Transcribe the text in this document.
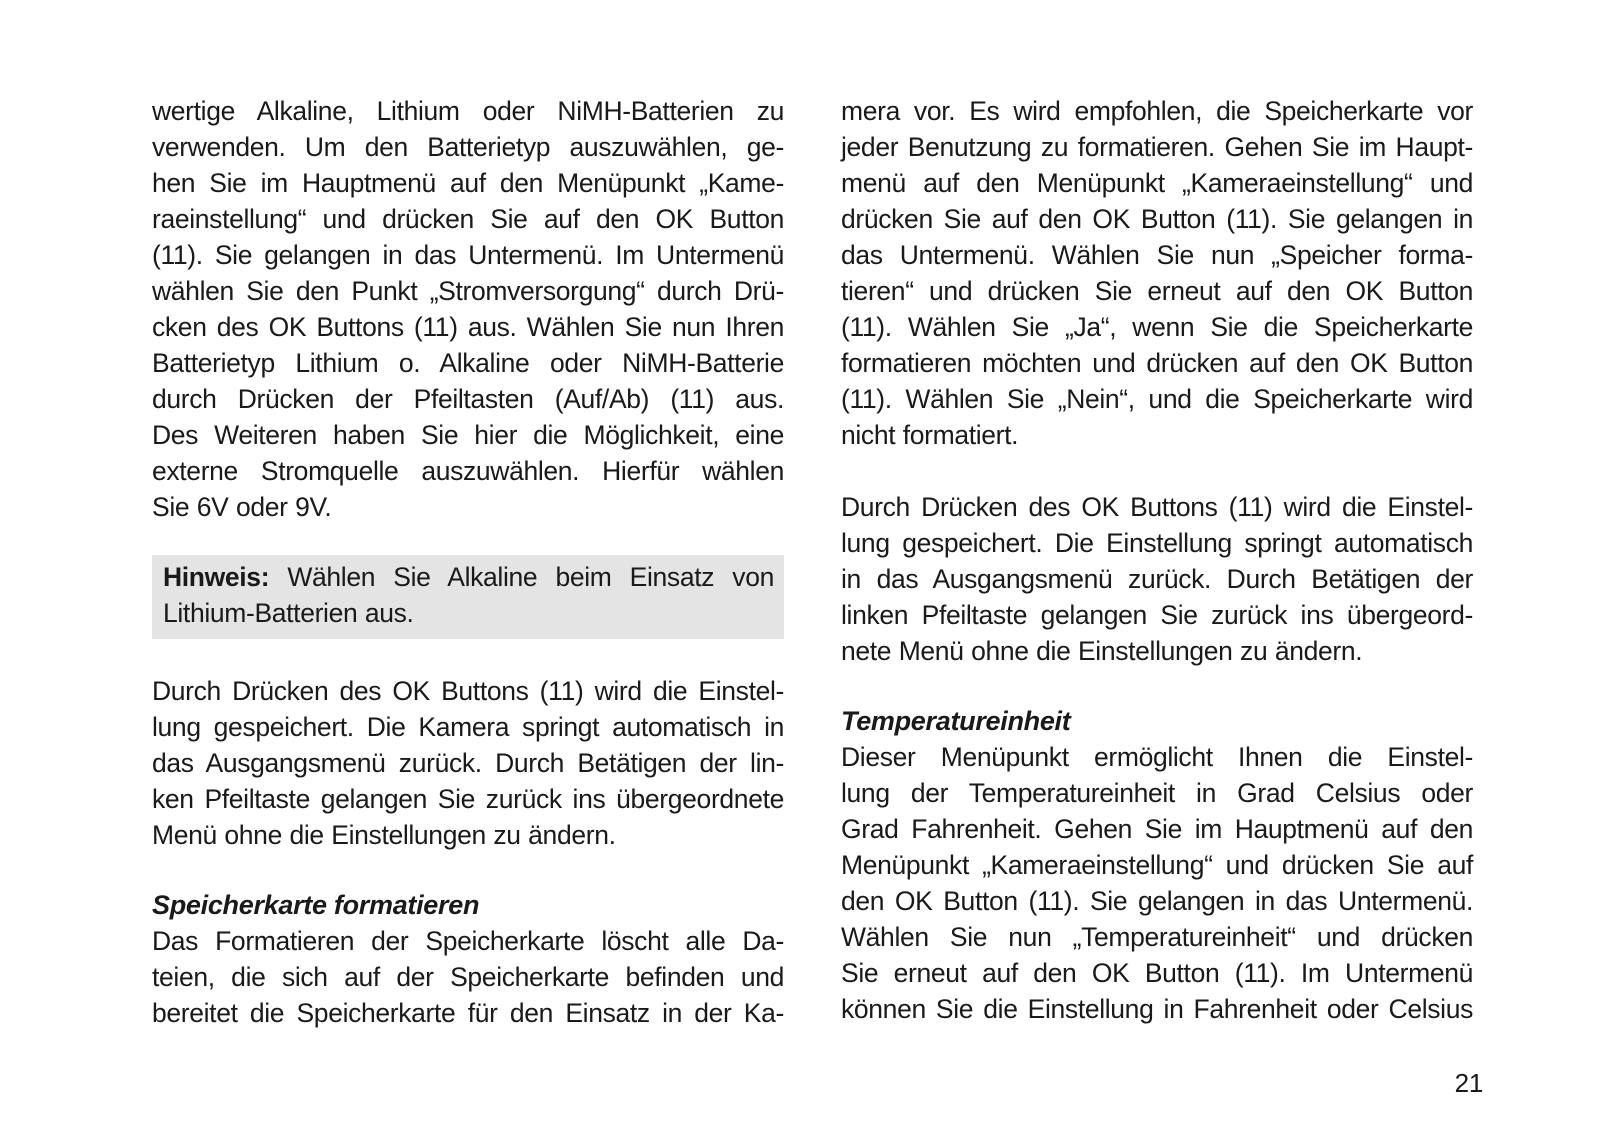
wertige Alkaline, Lithium oder NiMH-Batterien zu
verwenden. Um den Batterietyp auszuwählen, ge-
hen Sie im Hauptmenü auf den Menüpunkt „Kame-
raeinstellung“ und drücken Sie auf den OK Button
(11). Sie gelangen in das Untermenü. Im Untermenü
wählen Sie den Punkt „Stromversorgung“ durch Drü-
cken des OK Buttons (11) aus. Wählen Sie nun Ihren
Batterietyp Lithium o. Alkaline oder NiMH-Batterie
durch Drücken der Pfeiltasten (Auf/Ab) (11) aus.
Des Weiteren haben Sie hier die Möglichkeit, eine
externe Stromquelle auszuwählen. Hierfür wählen
Sie 6V oder 9V.

Hinweis: Wählen Sie Alkaline beim Einsatz von
Lithium-Batterien aus.

Durch Drücken des OK Buttons (11) wird die Einstel-
lung gespeichert. Die Kamera springt automatisch in
das Ausgangsmenü zurück. Durch Betätigen der lin-
ken Pfeiltaste gelangen Sie zurück ins übergeordnete
Menü ohne die Einstellungen zu ändern.

Speicherkarte formatieren

Das Formatieren der Speicherkarte löscht alle Da-
teien, die sich auf der Speicherkarte befinden und
bereitet die Speicherkarte für den Einsatz in der Ka-

mera vor. Es wird empfohlen, die Speicherkarte vor
jeder Benutzung zu formatieren. Gehen Sie im Haupt-
menü auf den Menüpunkt „Kameraeinstellung“ und
drücken Sie auf den OK Button (11). Sie gelangen in
das Untermenü. Wählen Sie nun „Speicher forma-
tieren“ und drücken Sie erneut auf den OK Button
(11). Wählen Sie „Ja“, wenn Sie die Speicherkarte
formatieren möchten und drücken auf den OK Button
(11). Wählen Sie „Nein“, und die Speicherkarte wird
nicht formatiert.

Durch Drücken des OK Buttons (11) wird die Einstel-
lung gespeichert. Die Einstellung springt automatisch
in das Ausgangsmenü zurück. Durch Betätigen der
linken Pfeiltaste gelangen Sie zurück ins übergeord-
nete Menü ohne die Einstellungen zu ändern.

Temperatureinheit

Dieser Menüpunkt ermöglicht Ihnen die Einstel-
lung der Temperatureinheit in Grad Celsius oder
Grad Fahrenheit. Gehen Sie im Hauptmenü auf den
Menüpunkt „Kameraeinstellung“ und drücken Sie auf
den OK Button (11). Sie gelangen in das Untermenü.
Wählen Sie nun „Temperatureinheit“ und drücken
Sie erneut auf den OK Button (11). Im Untermenü
können Sie die Einstellung in Fahrenheit oder Celsius

21
